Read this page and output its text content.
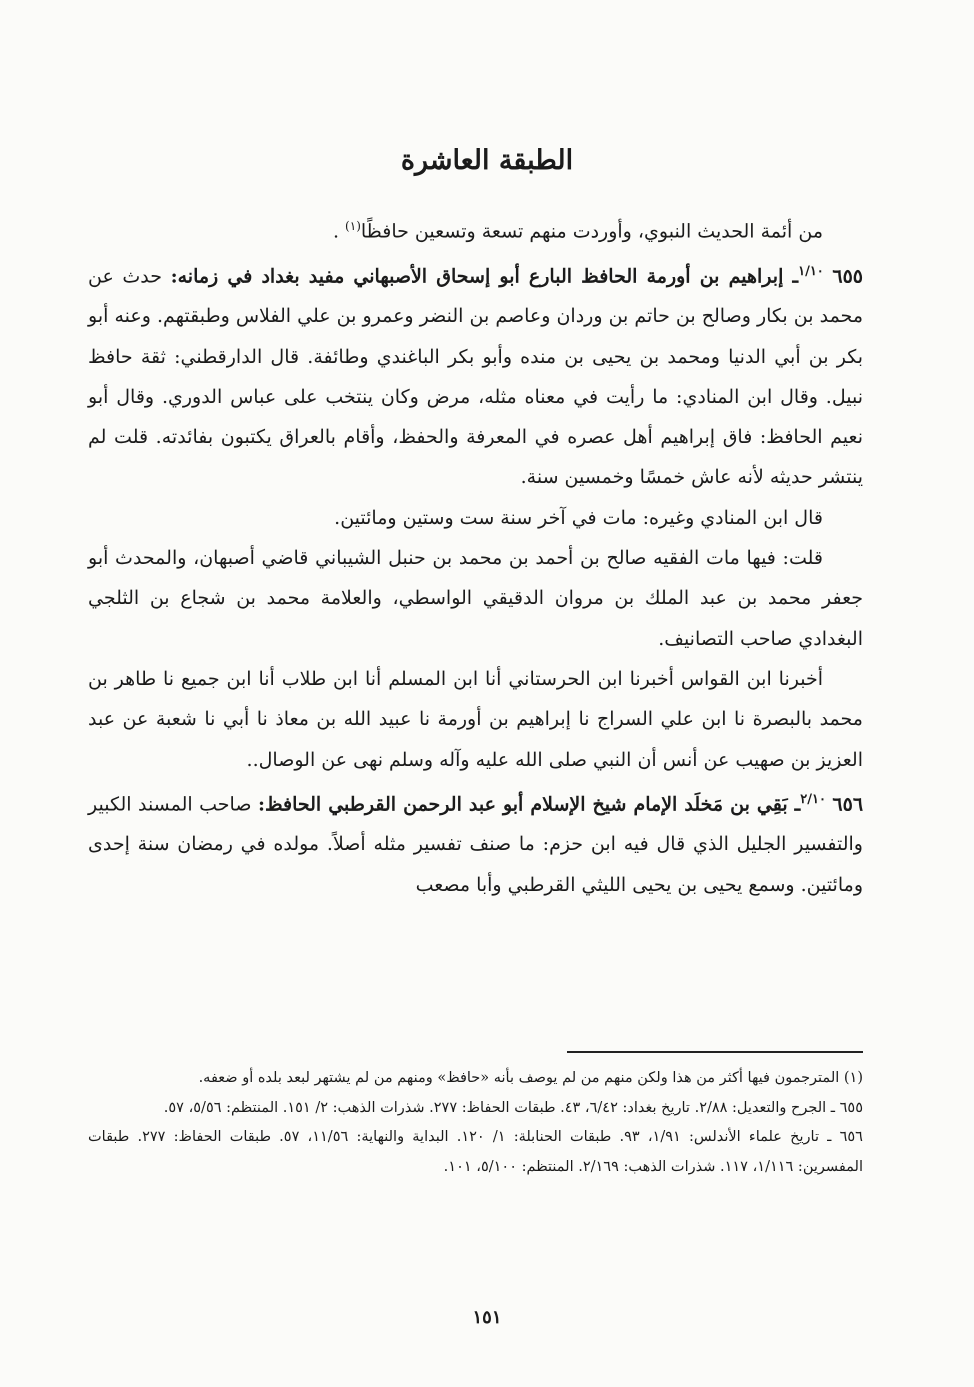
الطبقة العاشرة

من أئمة الحديث النبوي، وأوردت منهم تسعة وتسعين حافظًا$^{(١)}$ .

٦٥٥ $^{١/١٠}$ـ إبراهيم بن أورمة الحافظ البارع أبو إسحاق الأصبهاني مفيد بغداد في زمانه: حدث عن محمد بن بكار وصالح بن حاتم بن وردان وعاصم بن النضر وعمرو بن علي الفلاس وطبقتهم. وعنه أبو بكر بن أبي الدنيا ومحمد بن يحيى بن منده وأبو بكر الباغندي وطائفة. قال الدارقطني: ثقة حافظ نبيل. وقال ابن المنادي: ما رأيت في معناه مثله، مرض وكان ينتخب على عباس الدوري. وقال أبو نعيم الحافظ: فاق إبراهيم أهل عصره في المعرفة والحفظ، وأقام بالعراق يكتبون بفائدته. قلت لم ينتشر حديثه لأنه عاش خمسًا وخمسين سنة.

قال ابن المنادي وغيره: مات في آخر سنة ست وستين ومائتين.

قلت: فيها مات الفقيه صالح بن أحمد بن محمد بن حنبل الشيباني قاضي أصبهان، والمحدث أبو جعفر محمد بن عبد الملك بن مروان الدقيقي الواسطي، والعلامة محمد بن شجاع بن الثلجي البغدادي صاحب التصانيف.

أخبرنا ابن القواس أخبرنا ابن الحرستاني أنا ابن المسلم أنا ابن طلاب أنا ابن جميع نا طاهر بن محمد بالبصرة نا ابن علي السراج نا إبراهيم بن أورمة نا عبيد الله بن معاذ نا أبي نا شعبة عن عبد العزيز بن صهيب عن أنس أن النبي صلى الله عليه وآله وسلم نهى عن الوصال..

٦٥٦ $^{٢/١٠}$ـ بَقِي بن مَخلَد الإمام شيخ الإسلام أبو عبد الرحمن القرطبي الحافظ: صاحب المسند الكبير والتفسير الجليل الذي قال فيه ابن حزم: ما صنف تفسير مثله أصلاً. مولده في رمضان سنة إحدى ومائتين. وسمع يحيى بن يحيى الليثي القرطبي وأبا مصعب

(١) المترجمون فيها أكثر من هذا ولكن منهم من لم يوصف بأنه «حافظ» ومنهم من لم يشتهر لبعد بلده أو ضعفه.

٦٥٥ ـ الجرح والتعديل: ٢/٨٨. تاريخ بغداد: ٦/٤٢، ٤٣. طبقات الحفاظ: ٢٧٧. شذرات الذهب: ٢/ ١٥١. المنتظم: ٥/٥٦، ٥٧.

٦٥٦ ـ تاريخ علماء الأندلس: ١/٩١، ٩٣. طبقات الحنابلة: ١/ ١٢٠. البداية والنهاية: ١١/٥٦، ٥٧. طبقات الحفاظ: ٢٧٧. طبقات المفسرين: ١/١١٦، ١١٧. شذرات الذهب: ٢/١٦٩. المنتظم: ٥/١٠٠، ١٠١.

١٥١
